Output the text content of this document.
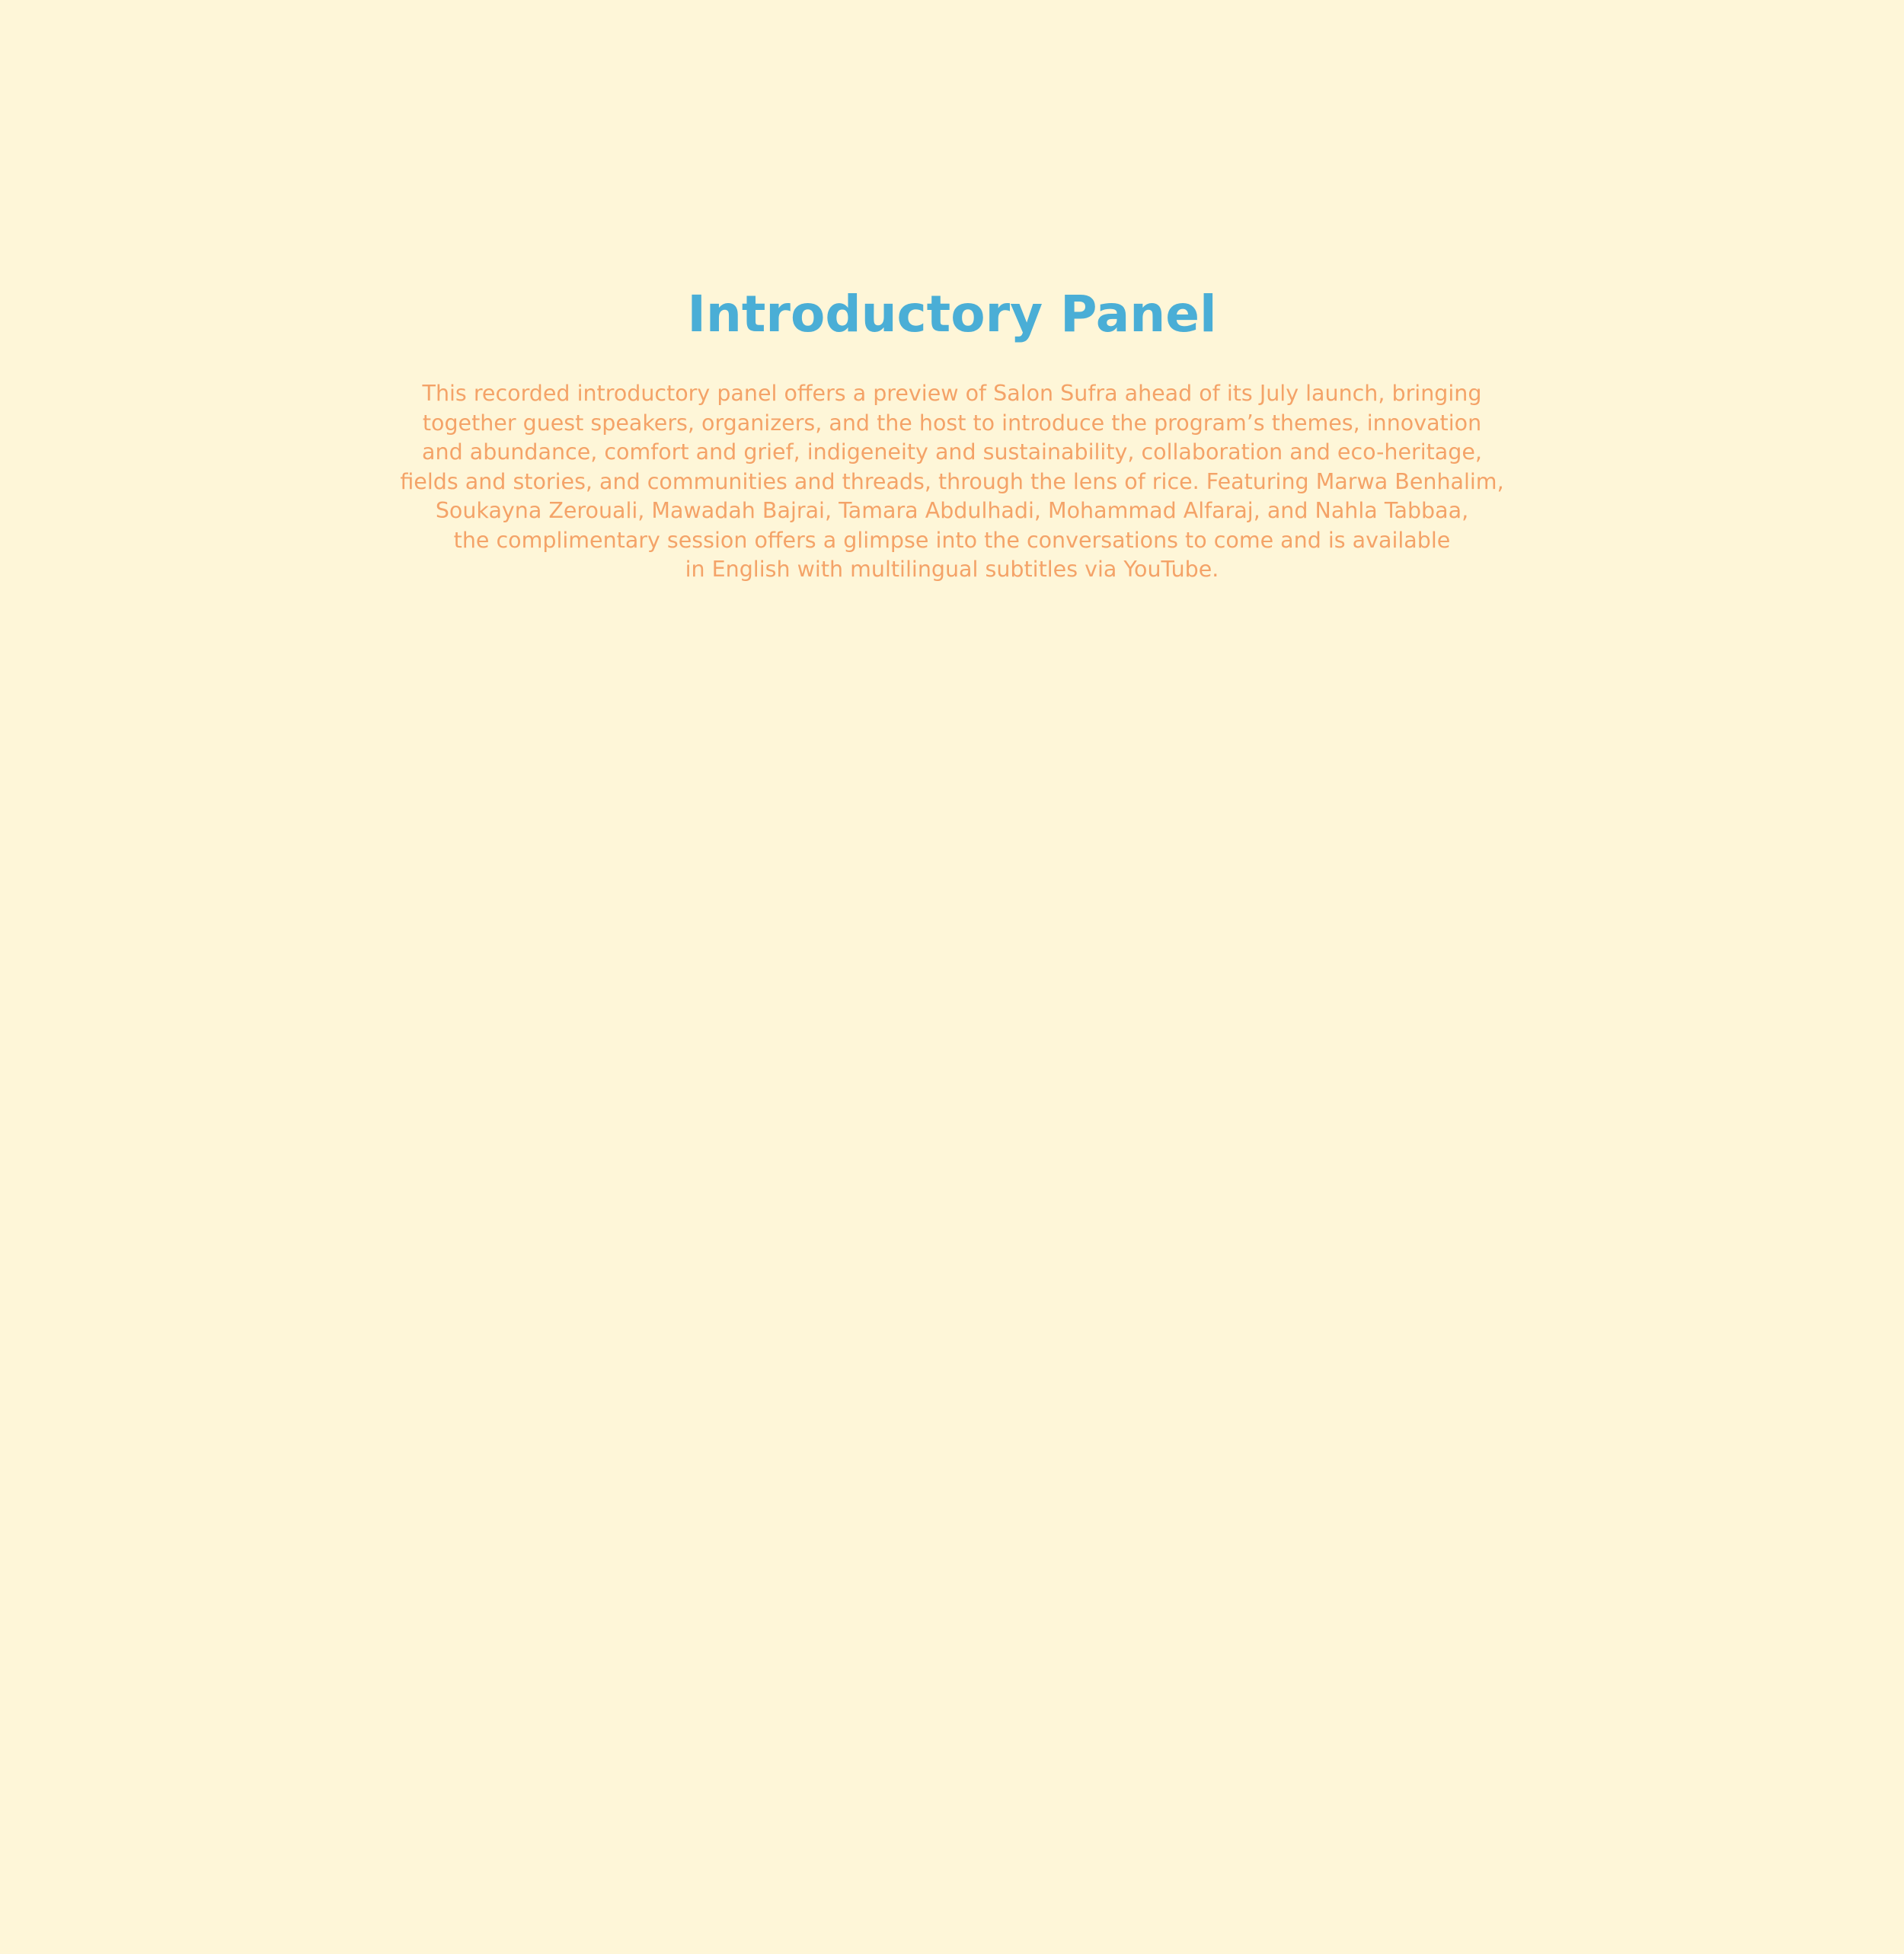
Introductory Panel

This recorded introductory panel offers a preview of Salon Sufra ahead of its July launch, bringing
together guest speakers, organizers, and the host to introduce the program’s themes, innovation
and abundance, comfort and grief, indigeneity and sustainability, collaboration and eco-heritage,
fields and stories, and communities and threads, through the lens of rice. Featuring Marwa Benhalim,
Soukayna Zerouali, Mawadah Bajrai, Tamara Abdulhadi, Mohammad Alfaraj, and Nahla Tabbaa,
the complimentary session offers a glimpse into the conversations to come and is available
in English with multilingual subtitles via YouTube.
